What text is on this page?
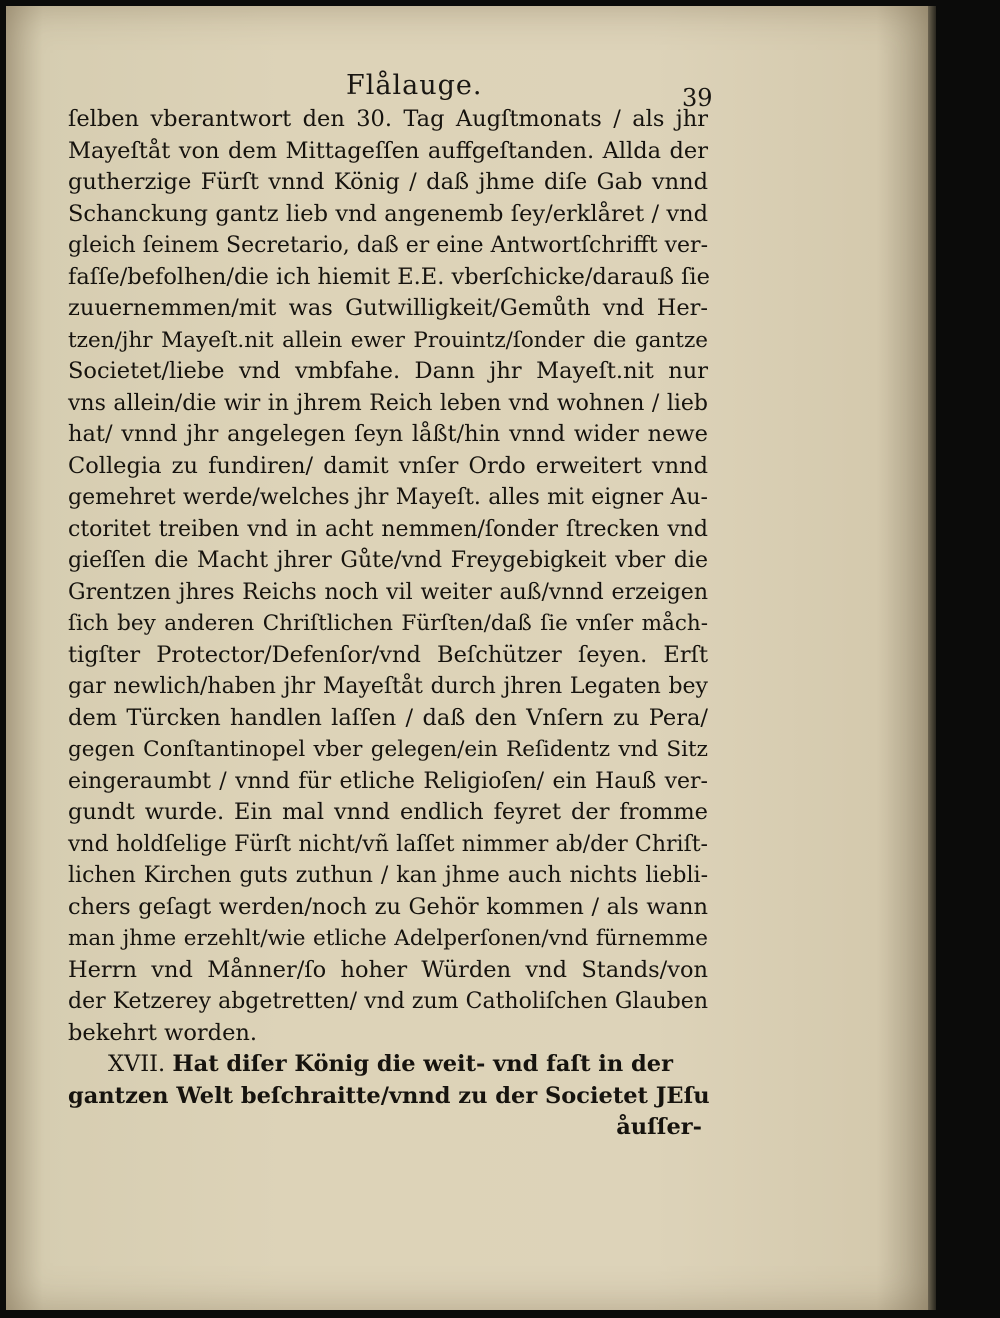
Flålauge.	39
ſelben vberantwort den 30. Tag Augſtmonats / als jhr
Mayeſtåt von dem Mittageſſen auffgeſtanden. Allda der
gutherzige Fürſt vnnd König / daß jhme diſe Gab vnnd
Schanckung gantz lieb vnd angenemb ſey/erklåret / vnd
gleich ſeinem Secretario, daß er eine Antwortſchrifft ver-
faſſe/befolhen/die ich hiemit E.E. vberſchicke/darauß ſie
zuuernemmen/mit was Gutwilligkeit/Gemůth vnd Her-
tzen/jhr Mayeſt.nit allein ewer Prouintz/ſonder die gantze
Societet/liebe vnd vmbfahe. Dann jhr Mayeſt.nit nur
vns allein/die wir in jhrem Reich leben vnd wohnen / lieb
hat/ vnnd jhr angelegen ſeyn låßt/hin vnnd wider newe
Collegia zu fundiren/ damit vnſer Ordo erweitert vnnd
gemehret werde/welches jhr Mayeſt. alles mit eigner Au-
ctoritet treiben vnd in acht nemmen/ſonder ſtrecken vnd
gieſſen die Macht jhrer Gůte/vnd Freygebigkeit vber die
Grentzen jhres Reichs noch vil weiter auß/vnnd erzeigen
ſich bey anderen Chriſtlichen Fürſten/daß ſie vnſer måch-
tigſter Protector/Defenſor/vnd Beſchützer ſeyen. Erſt
gar newlich/haben jhr Mayeſtåt durch jhren Legaten bey
dem Türcken handlen laſſen / daß den Vnſern zu Pera/
gegen Conſtantinopel vber gelegen/ein Reſidentz vnd Sitz
eingeraumbt / vnnd für etliche Religioſen/ ein Hauß ver-
gundt wurde. Ein mal vnnd endlich feyret der fromme
vnd holdſelige Fürſt nicht/vñ laſſet nimmer ab/der Chriſt-
lichen Kirchen guts zuthun / kan jhme auch nichts liebli-
chers geſagt werden/noch zu Gehör kommen / als wann
man jhme erzehlt/wie etliche Adelperſonen/vnd fürnemme
Herrn vnd Månner/ſo hoher Würden vnd Stands/von
der Ketzerey abgetretten/ vnd zum Catholiſchen Glauben
bekehrt worden.
XVII. Hat diſer König die weit- vnd faſt in der
gantzen Welt beſchraitte/vnnd zu der Societet JEſu
åuſſer-
